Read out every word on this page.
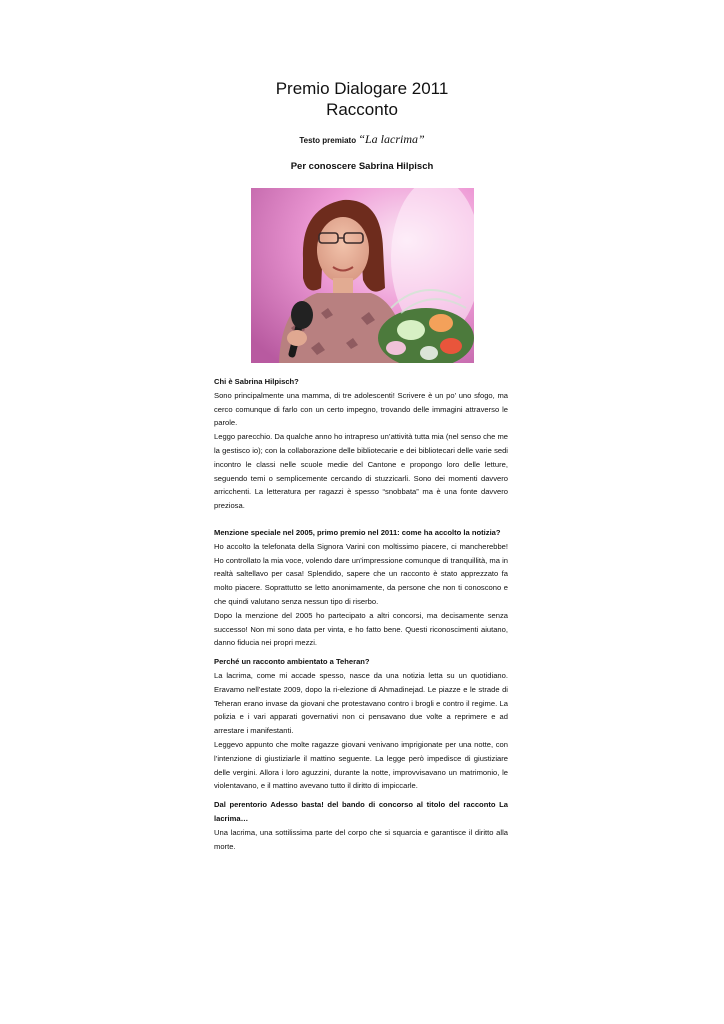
Premio Dialogare 2011
Racconto
Testo premiato “La lacrima”
Per conoscere Sabrina Hilpisch

Chi è Sabrina Hilpisch?

Sono principalmente una mamma, di tre adolescenti! Scrivere è un po’ uno sfogo, ma cerco comunque di farlo con un certo impegno, trovando delle immagini attraverso le parole.

Leggo parecchio. Da qualche anno ho intrapreso un’attività tutta mia (nel senso che me la gestisco io); con la collaborazione delle bibliotecarie e dei bibliotecari delle varie sedi incontro le classi nelle scuole medie del Cantone e propongo loro delle letture, seguendo temi o semplicemente cercando di stuzzicarli. Sono dei momenti davvero arricchenti. La letteratura per ragazzi è spesso “snobbata” ma è una fonte davvero preziosa.

Menzione speciale nel 2005, primo premio nel 2011: come ha accolto la notizia?

Ho accolto la telefonata della Signora Varini con moltissimo piacere, ci mancherebbe! Ho controllato la mia voce, volendo dare un’impressione comunque di tranquillità, ma in realtà saltellavo per casa! Splendido, sapere che un racconto è stato apprezzato fa molto piacere. Soprattutto se letto anonimamente, da persone che non ti conoscono e che quindi valutano senza nessun tipo di riserbo.

Dopo la menzione del 2005 ho partecipato a altri concorsi, ma decisamente senza successo! Non mi sono data per vinta, e ho fatto bene. Questi riconoscimenti aiutano, danno fiducia nei propri mezzi.

Perché un racconto ambientato a Teheran?

La lacrima, come mi accade spesso, nasce da una notizia letta su un quotidiano. Eravamo nell’estate 2009, dopo la ri-elezione di Ahmadinejad. Le piazze e le strade di Teheran erano invase da giovani che protestavano contro i brogli e contro il regime. La polizia e i vari apparati governativi non ci pensavano due volte a reprimere e ad arrestare i manifestanti.

Leggevo appunto che molte ragazze giovani venivano imprigionate per una notte, con l’intenzione di giustiziarle il mattino seguente. La legge però impedisce di giustiziare delle vergini. Allora i loro aguzzini, durante la notte, improvvisavano un matrimonio, le violentavano, e il mattino avevano tutto il diritto di impiccarle.

Dal perentorio Adesso basta! del bando di concorso al titolo del racconto La lacrima…

Una lacrima, una sottilissima parte del corpo che si squarcia e garantisce il diritto alla morte.
